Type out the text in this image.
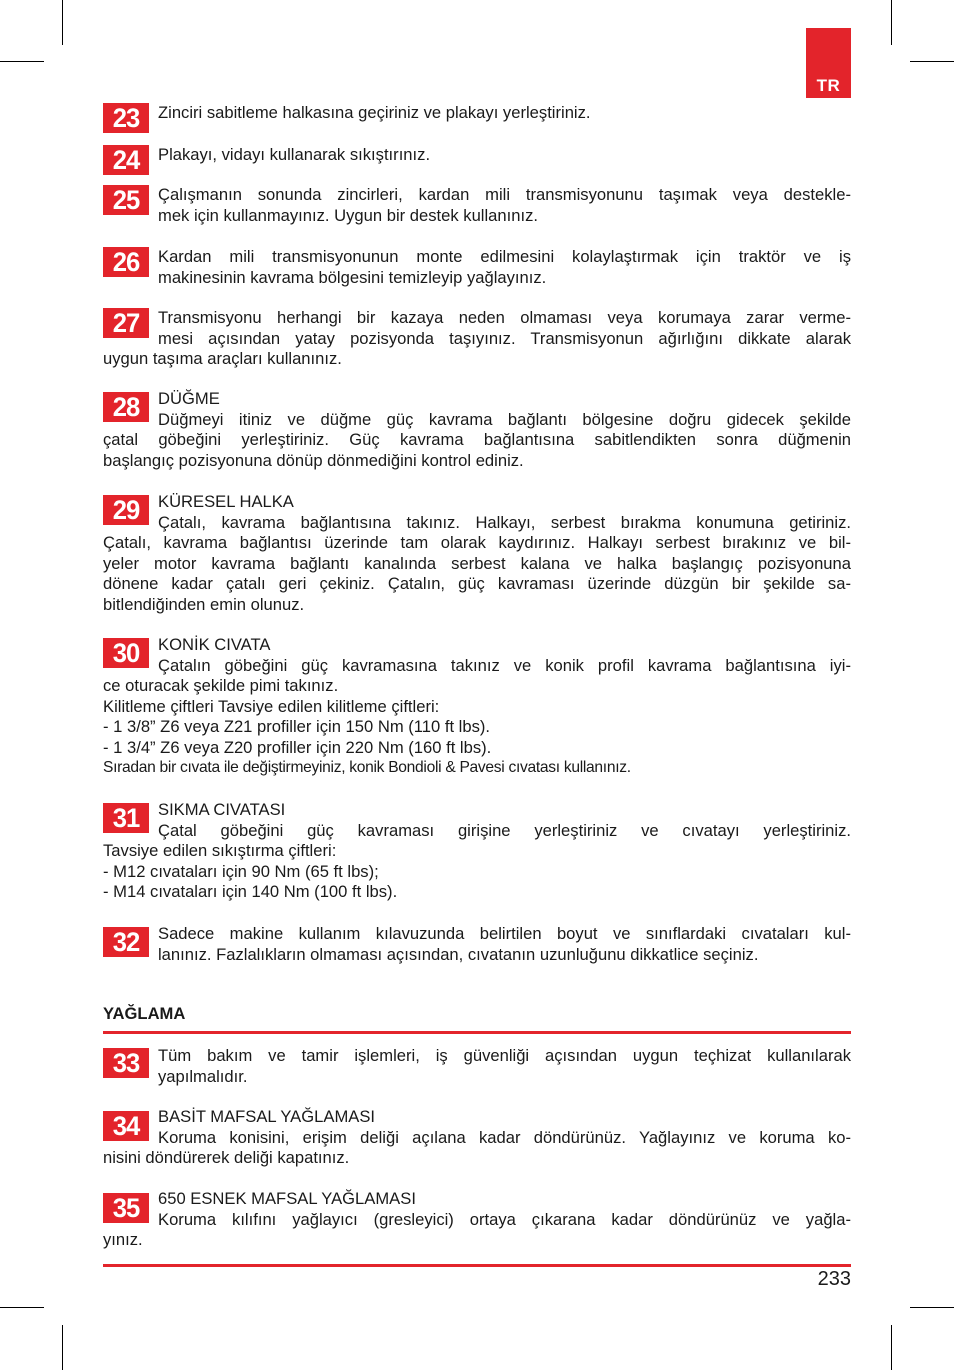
TR
23	Zinciri sabitleme halkasına geçiriniz ve plakayı yerleştiriniz.

24	Plakayı, vidayı kullanarak sıkıştırınız.

25	Çalışmanın sonunda zincirleri, kardan mili transmisyonunu taşımak veya destekle-
mek için kullanmayınız. Uygun bir destek kullanınız.

26	Kardan mili transmisyonunun monte edilmesini kolaylaştırmak için traktör ve iş
makinesinin kavrama bölgesini temizleyip yağlayınız.

27	Transmisyonu herhangi bir kazaya neden olmaması veya korumaya zarar verme-
mesi açısından yatay pozisyonda taşıyınız. Transmisyonun ağırlığını dikkate alarak
uygun taşıma araçları kullanınız.

28	DÜĞME

Düğmeyi itiniz ve düğme güç kavrama bağlantı bölgesine doğru gidecek şekilde
çatal göbeğini yerleştiriniz. Güç kavrama bağlantısına sabitlendikten sonra düğmenin
başlangıç pozisyonuna dönüp dönmediğini kontrol ediniz.

29	KÜRESEL HALKA

Çatalı, kavrama bağlantısına takınız. Halkayı, serbest bırakma konumuna getiriniz.
Çatalı, kavrama bağlantısı üzerinde tam olarak kaydırınız. Halkayı serbest bırakınız ve bil-
yeler motor kavrama bağlantı kanalında serbest kalana ve halka başlangıç pozisyonuna
dönene kadar çatalı geri çekiniz. Çatalın, güç kavraması üzerinde düzgün bir şekilde sa-
bitlendiğinden emin olunuz.

30	KONİK CIVATA

Çatalın göbeğini güç kavramasına takınız ve konik profil kavrama bağlantısına iyi-
ce oturacak şekilde pimi takınız.
Kilitleme çiftleri Tavsiye edilen kilitleme çiftleri:
- 1 3/8” Z6 veya Z21 profiller için 150 Nm (110 ft lbs).
- 1 3/4” Z6 veya Z20 profiller için 220 Nm (160 ft lbs).
Sıradan bir cıvata ile değiştirmeyiniz, konik Bondioli & Pavesi cıvatası kullanınız.

31	SIKMA CIVATASI

Çatal göbeğini güç kavraması girişine yerleştiriniz ve cıvatayı yerleştiriniz.
Tavsiye edilen sıkıştırma çiftleri:
- M12 cıvataları için 90 Nm (65 ft lbs);
- M14 cıvataları için 140 Nm (100 ft lbs).

32	Sadece makine kullanım kılavuzunda belirtilen boyut ve sınıflardaki cıvataları kul-
lanınız. Fazlalıkların olmaması açısından, cıvatanın uzunluğunu dikkatlice seçiniz.

YAĞLAMA
33	Tüm bakım ve tamir işlemleri, iş güvenliği açısından uygun teçhizat kullanılarak
yapılmalıdır.

34	BASİT MAFSAL YAĞLAMASI

Koruma konisini, erişim deliği açılana kadar döndürünüz. Yağlayınız ve koruma ko-
nisini döndürerek deliği kapatınız.

35	650 ESNEK MAFSAL YAĞLAMASI

Koruma kılıfını yağlayıcı (gresleyici) ortaya çıkarana kadar döndürünüz ve yağla-
yınız.

233
